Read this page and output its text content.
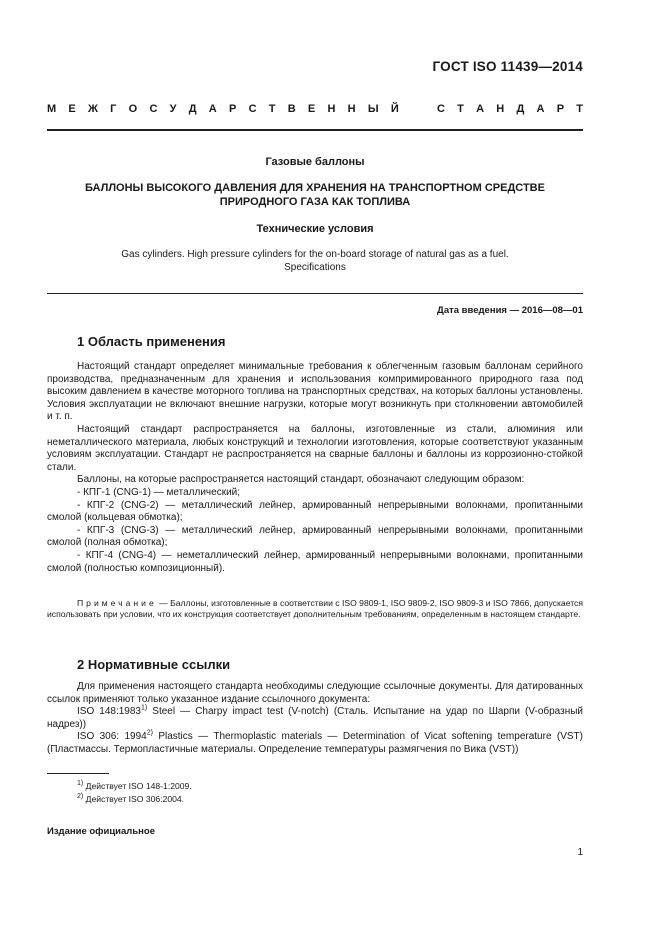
ГОСТ ISO 11439—2014
М Е Ж Г О С У Д А Р С Т В Е Н Н Ы Й	С Т А Н Д А Р Т
Газовые баллоны
БАЛЛОНЫ ВЫСОКОГО ДАВЛЕНИЯ ДЛЯ ХРАНЕНИЯ НА ТРАНСПОРТНОМ СРЕДСТВЕ
ПРИРОДНОГО ГАЗА КАК ТОПЛИВА
Технические условия
Gas cylinders. High pressure cylinders for the on-board storage of natural gas as a fuel.
Specifications
Дата введения — 2016—08—01
1 Область применения

Настоящий стандарт определяет минимальные требования к облегченным газовым баллонам серийного производства, предназначенным для хранения и использования компримированного природного газа под высоким давлением в качестве моторного топлива на транспортных средствах, на которых баллоны установлены. Условия эксплуатации не включают внешние нагрузки, которые могут возникнуть при столкновении автомобилей и т. п.

Настоящий стандарт распространяется на баллоны, изготовленные из стали, алюминия или неметаллического материала, любых конструкций и технологии изготовления, которые соответствуют указанным условиям эксплуатации. Стандарт не распространяется на сварные баллоны и баллоны из коррозионно-стойкой стали.

Баллоны, на которые распространяется настоящий стандарт, обозначают следующим образом:

- КПГ-1 (CNG-1) — металлический;

- КПГ-2 (CNG-2) — металлический лейнер, армированный непрерывными волокнами, пропитанными смолой (кольцевая обмотка);

- КПГ-3 (CNG-3) — металлический лейнер, армированный непрерывными волокнами, пропитанными смолой (полная обмотка);

- КПГ-4 (CNG-4) — неметаллический лейнер, армированный непрерывными волокнами, пропитанными смолой (полностью композиционный).

Примечание — Баллоны, изготовленные в соответствии с ISO 9809-1, ISO 9809-2, ISO 9809-3 и ISO 7866, допускается использовать при условии, что их конструкция соответствует дополнительным требованиям, определенным в настоящем стандарте.
2 Нормативные ссылки

Для применения настоящего стандарта необходимы следующие ссылочные документы. Для датированных ссылок применяют только указанное издание ссылочного документа:

ISO 148:1983$^{1)}$ Steel — Charpy impact test (V-notch) (Сталь. Испытание на удар по Шарпи (V-образный надрез))

ISO 306: 1994$^{2)}$ Plastics — Thermoplastic materials — Determination of Vicat softening temperature (VST) (Пластмассы. Термопластичные материалы. Определение температуры размягчения по Вика (VST))

$^{1)}$ Действует ISO 148-1:2009.
$^{2)}$ Действует ISO 306:2004.
Издание официальное
1
